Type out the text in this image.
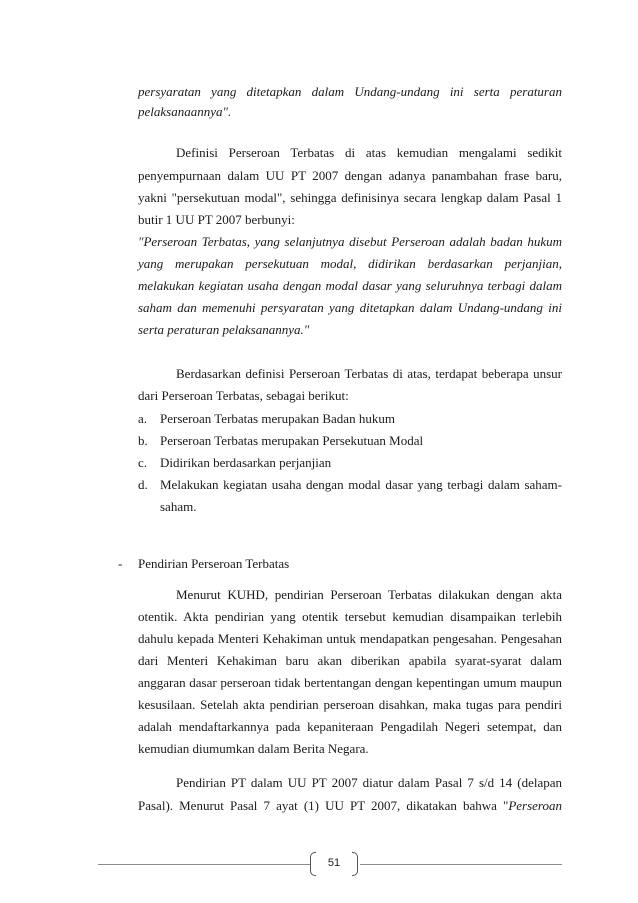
persyaratan yang ditetapkan dalam Undang-undang ini serta peraturan
pelaksanaannya".
Definisi Perseroan Terbatas di atas kemudian mengalami sedikit
penyempurnaan dalam UU PT 2007 dengan adanya panambahan frase baru,
yakni "persekutuan modal", sehingga definisinya secara lengkap dalam Pasal 1
butir 1 UU PT 2007 berbunyi:
"Perseroan Terbatas, yang selanjutnya disebut Perseroan adalah badan hukum
yang merupakan persekutuan modal, didirikan berdasarkan perjanjian,
melakukan kegiatan usaha dengan modal dasar yang seluruhnya terbagi dalam
saham dan memenuhi persyaratan yang ditetapkan dalam Undang-undang ini
serta peraturan pelaksanannya."
Berdasarkan definisi Perseroan Terbatas di atas, terdapat beberapa unsur
dari Perseroan Terbatas, sebagai berikut:
a. Perseroan Terbatas merupakan Badan hukum
b. Perseroan Terbatas merupakan Persekutuan Modal
c. Didirikan berdasarkan perjanjian
d. Melakukan kegiatan usaha dengan modal dasar yang terbagi dalam saham-
saham.
- Pendirian Perseroan Terbatas
Menurut KUHD, pendirian Perseroan Terbatas dilakukan dengan akta
otentik. Akta pendirian yang otentik tersebut kemudian disampaikan terlebih
dahulu kepada Menteri Kehakiman untuk mendapatkan pengesahan. Pengesahan
dari Menteri Kehakiman baru akan diberikan apabila syarat-syarat dalam
anggaran dasar perseroan tidak bertentangan dengan kepentingan umum maupun
kesusilaan. Setelah akta pendirian perseroan disahkan, maka tugas para pendiri
adalah mendaftarkannya pada kepaniteraan Pengadilah Negeri setempat, dan
kemudian diumumkan dalam Berita Negara.
Pendirian PT dalam UU PT 2007 diatur dalam Pasal 7 s/d 14 (delapan
Pasal). Menurut Pasal 7 ayat (1) UU PT 2007, dikatakan bahwa "Perseroan
51
